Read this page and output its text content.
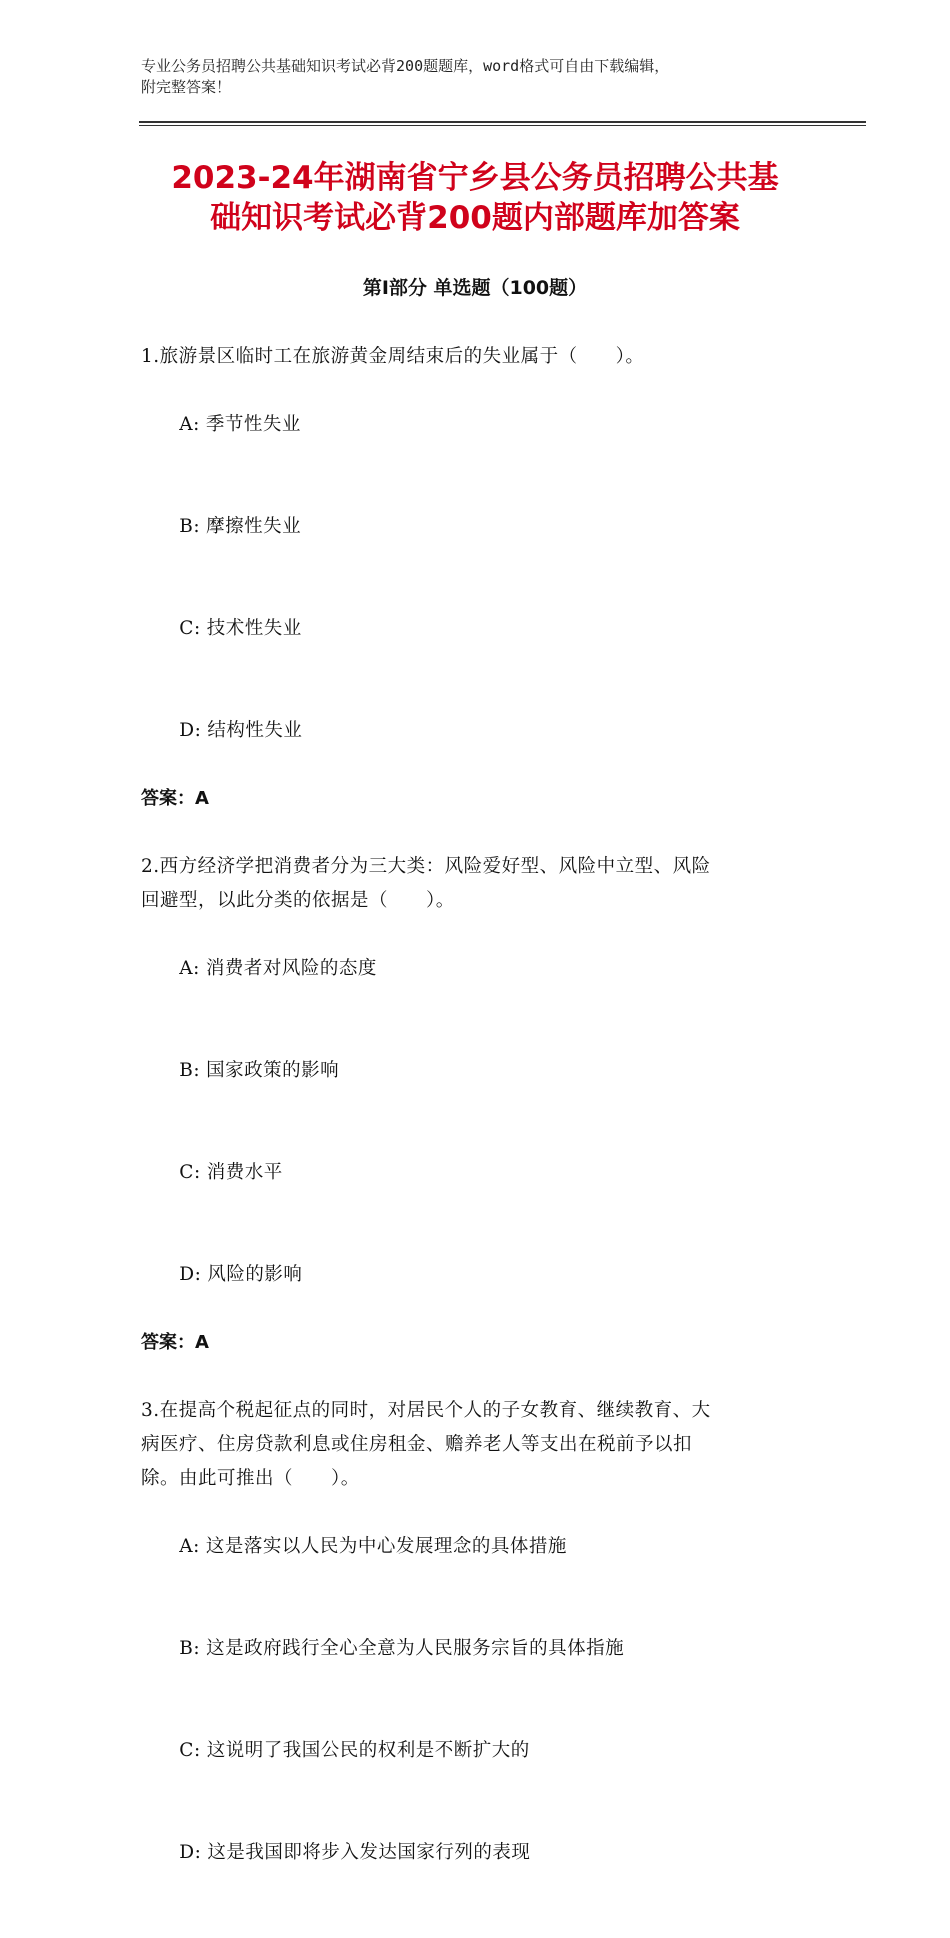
专业公务员招聘公共基础知识考试必背200题题库，word格式可自由下载编辑，
附完整答案！
2023-24年湖南省宁乡县公务员招聘公共基
础知识考试必背200题内部题库加答案
第Ⅰ部分 单选题（100题）
1.旅游景区临时工在旅游黄金周结束后的失业属于（　　）。

A: 季节性失业

B: 摩擦性失业

C: 技术性失业

D: 结构性失业

答案：A
2.西方经济学把消费者分为三大类：风险爱好型、风险中立型、风险
回避型，以此分类的依据是（　　）。

A: 消费者对风险的态度

B: 国家政策的影响

C: 消费水平

D: 风险的影响

答案：A
3.在提高个税起征点的同时，对居民个人的子女教育、继续教育、大
病医疗、住房贷款利息或住房租金、赡养老人等支出在税前予以扣
除。由此可推出（　　）。

A: 这是落实以人民为中心发展理念的具体措施

B: 这是政府践行全心全意为人民服务宗旨的具体指施

C: 这说明了我国公民的权利是不断扩大的

D: 这是我国即将步入发达国家行列的表现
